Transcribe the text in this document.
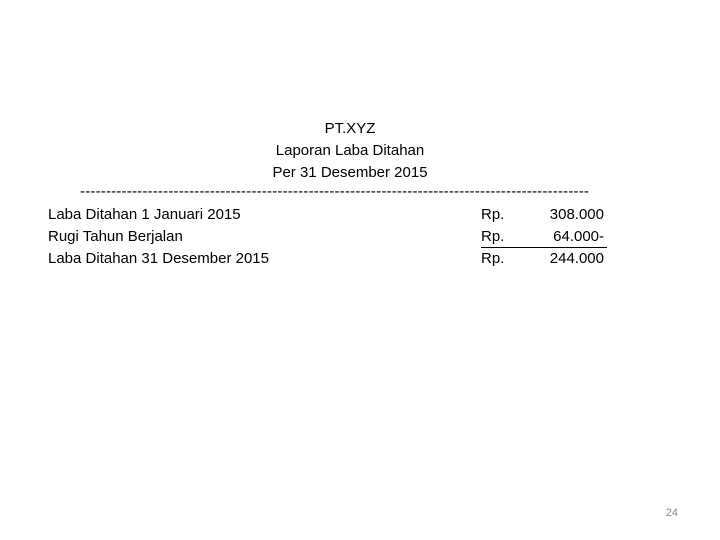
PT.XYZ
Laporan Laba Ditahan
Per 31 Desember 2015
--------------------------------------------------------------------------------------------------
Laba Ditahan 1 Januari 2015	Rp.	308.000
Rugi Tahun Berjalan	Rp.	64.000-
Laba Ditahan 31 Desember 2015	Rp.	244.000
24
